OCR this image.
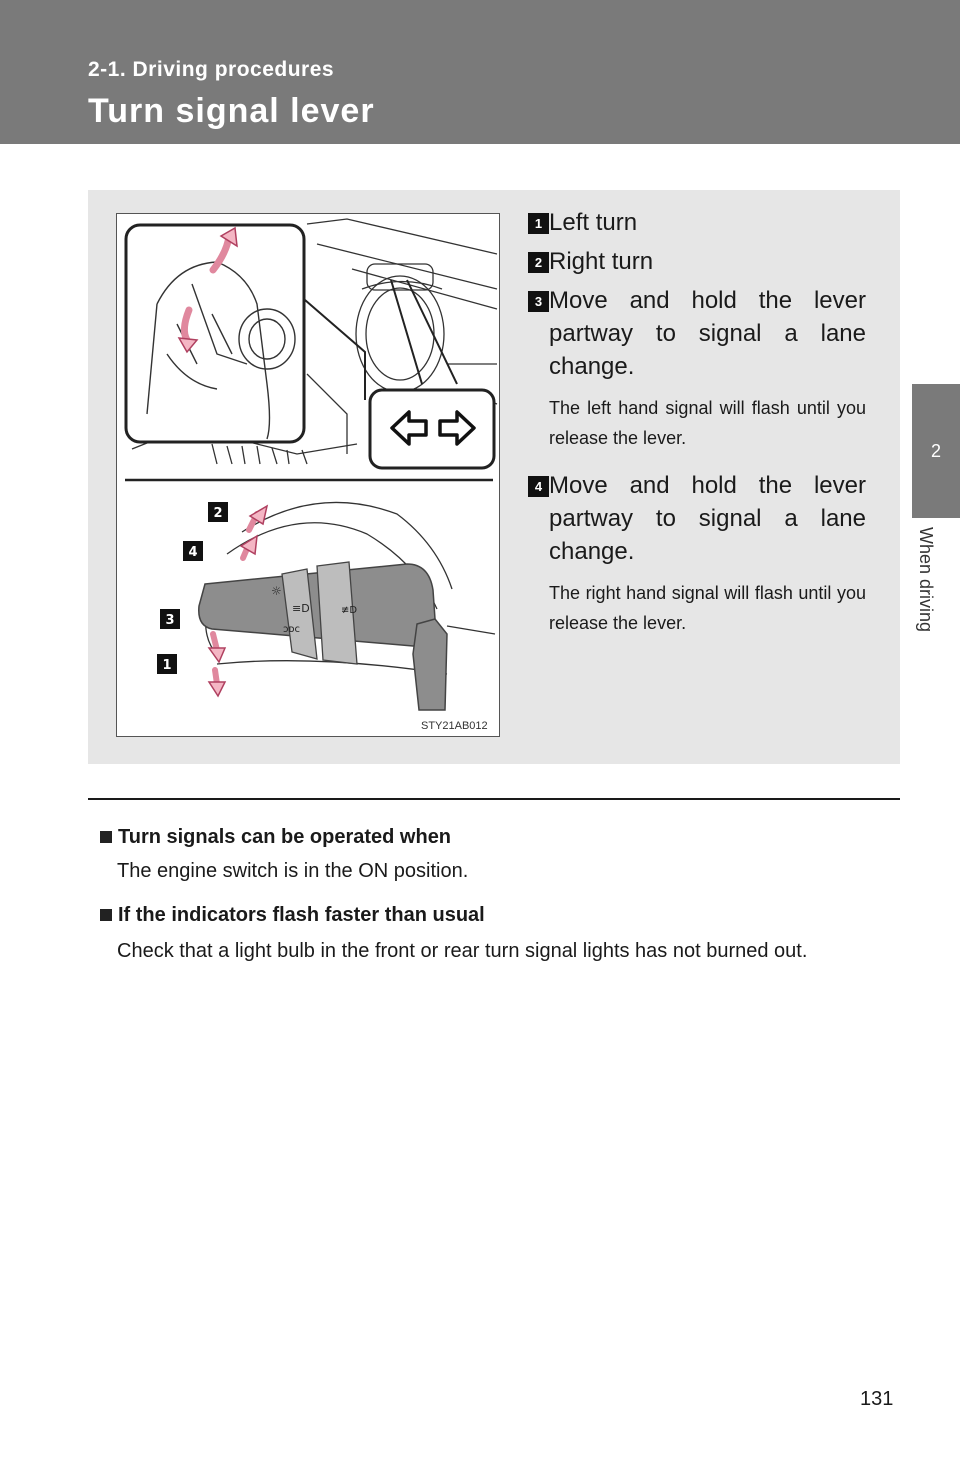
2-1. Driving procedures
Turn signal lever
2
When driving
☼
≡D
ᴐᴅᴄ
≢D
2
4
3
1
STY21AB012
1 Left turn
2 Right turn
3 Move and hold the lever partway to signal a lane change.
The left hand signal will flash until you release the lever.
4 Move and hold the lever partway to signal a lane change.
The right hand signal will flash until you release the lever.
Turn signals can be operated when
The engine switch is in the ON position.
If the indicators flash faster than usual
Check that a light bulb in the front or rear turn signal lights has not burned out.
131
